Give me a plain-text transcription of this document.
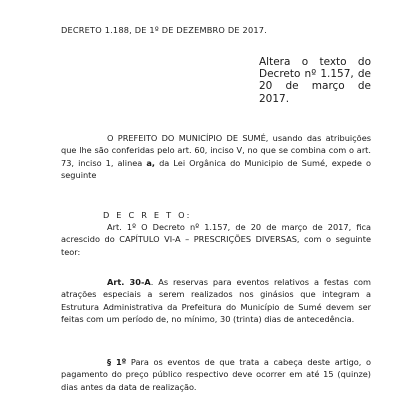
DECRETO 1.188, DE 1º DE DEZEMBRO DE 2017.
Altera o texto do Decreto nº 1.157, de 20 de março de 2017.
O PREFEITO DO MUNICÍPIO DE SUMÉ, usando das atribuições que lhe são conferidas pelo art. 60, inciso V, no que se combina com o art. 73, inciso 1, alinea a, da Lei Orgânica do Municipio de Sumé, expede o seguinte
D E C R E T O:
Art. 1º O Decreto nº 1.157, de 20 de março de 2017, fica acrescido do CAPÍTULO VI-A – PRESCRIÇÕES DIVERSAS, com o seguinte teor:
Art. 30-A. As reservas para eventos relativos a festas com atrações especiais a serem realizados nos ginásios que integram a Estrutura Administrativa da Prefeitura do Município de Sumé devem ser feitas com um período de, no mínimo, 30 (trinta) dias de antecedência.
§ 1º Para os eventos de que trata a cabeça deste artigo, o pagamento do preço público respectivo deve ocorrer em até 15 (quinze) dias antes da data de realização.
